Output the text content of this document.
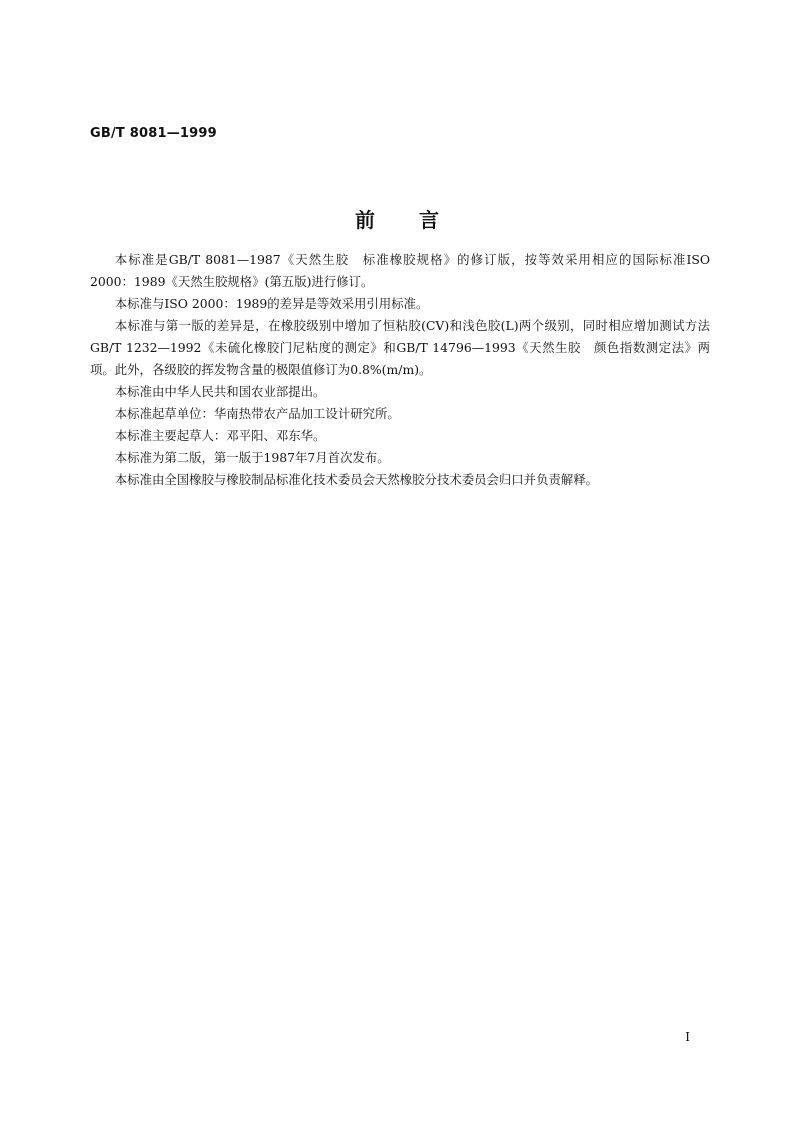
GB/T 8081—1999
前言

本标准是GB/T 8081—1987《天然生胶　标准橡胶规格》的修订版，按等效采用相应的国际标准ISO 2000：1989《天然生胶规格》(第五版)进行修订。

本标准与ISO 2000：1989的差异是等效采用引用标准。

本标准与第一版的差异是，在橡胶级别中增加了恒粘胶(CV)和浅色胶(L)两个级别，同时相应增加测试方法GB/T 1232—1992《未硫化橡胶门尼粘度的测定》和GB/T 14796—1993《天然生胶　颜色指数测定法》两项。此外，各级胶的挥发物含量的极限值修订为0.8%(m/m)。

本标准由中华人民共和国农业部提出。

本标准起草单位：华南热带农产品加工设计研究所。

本标准主要起草人：邓平阳、邓东华。

本标准为第二版，第一版于1987年7月首次发布。

本标准由全国橡胶与橡胶制品标准化技术委员会天然橡胶分技术委员会归口并负责解释。

I
